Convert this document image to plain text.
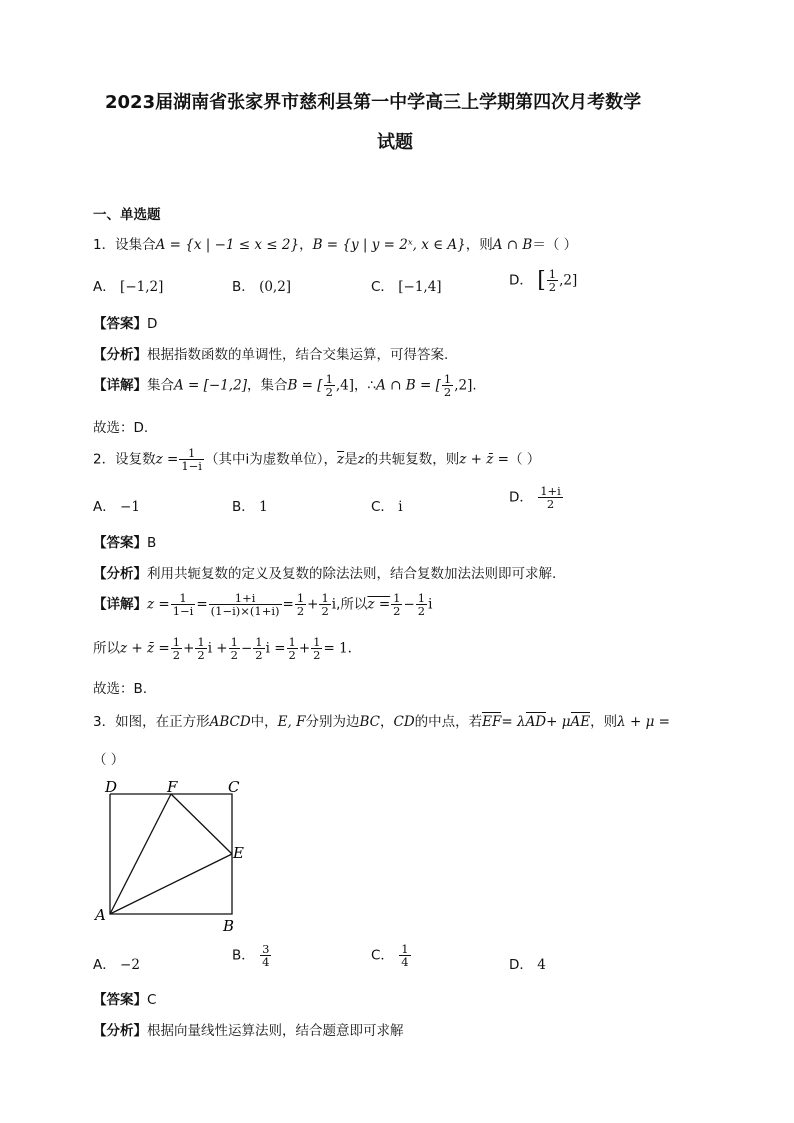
2023届湖南省张家界市慈利县第一中学高三上学期第四次月考数学
试题
一、单选题
1．设集合A = {x | −1 ≤ x ≤ 2}，B = {y | y = 2ˣ, x ∈ A}，则A ∩ B＝（ ）
A． [−1,2]	B． (0,2]	C． [−1,4]	D． [ $\frac{1}{2} ,2$]
【答案】D
【分析】根据指数函数的单调性，结合交集运算，可得答案.
【详解】集合A = [−1,2]，集合B = [ $\frac{1}{2} ,4$]，∴A ∩ B = [ $\frac{1}{2} ,2$].
故选：D.
2．设复数$z = \frac{1}{1-i}$ （其中i为虚数单位），$\overline{z}$是z的共轭复数，则z + z̄ =（ ）
A． −1	B． 1	C． i
D． $\frac{1+i}{2}$
【答案】B
【分析】利用共轭复数的定义及复数的除法法则，结合复数加法法则即可求解.
【详解】$z = \frac{1}{1-i} = \frac{1+i}{(1-i)\times(1+i)} = \frac{1}{2} + \frac{1}{2} i$,所以$z = \frac{1}{2} - \frac{1}{2}$ i
所以z + z̄ = $\frac{1}{2} + \frac{1}{2}$ $i + \frac{1}{2} - \frac{1}{2}$ $i = \frac{1}{2} + \frac{1}{2} = 1$.
故选：B.
3．如图，在正方形ABCD中，E, F分别为边BC，CD的中点，若EF= λAD+ μAE，则λ + μ =
（ ）
D	F	C
E
A
B
A． −2
B． $\frac{3}{4}$	C． $\frac{1}{4}$	D． 4
【答案】C
【分析】根据向量线性运算法则，结合题意即可求解
